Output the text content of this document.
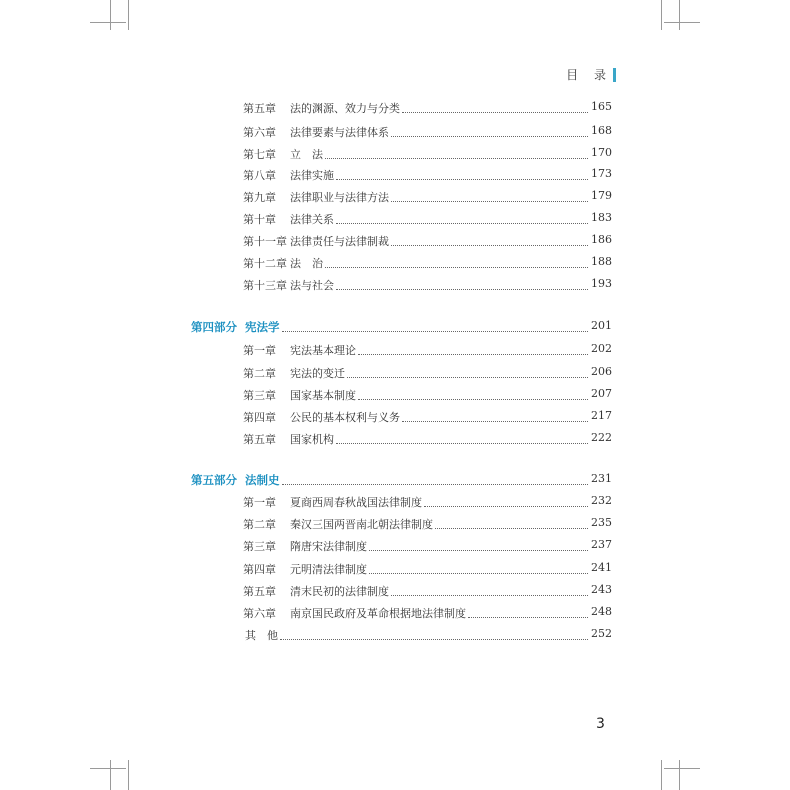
目 录
第五章 法的渊源、效力与分类	165
第六章 法律要素与法律体系	168
第七章 立　法	170
第八章 法律实施	173
第九章 法律职业与法律方法	179
第十章 法律关系	183
第十一章 法律责任与法律制裁	186
第十二章 法　治	188
第十三章 法与社会	193
第四部分 宪法学	201
第一章 宪法基本理论	202
第二章 宪法的变迁	206
第三章 国家基本制度	207
第四章 公民的基本权利与义务	217
第五章 国家机构	222
第五部分 法制史	231
第一章 夏商西周春秋战国法律制度	232
第二章 秦汉三国两晋南北朝法律制度	235
第三章 隋唐宋法律制度	237
第四章 元明清法律制度	241
第五章 清末民初的法律制度	243
第六章 南京国民政府及革命根据地法律制度	248
其　他	252
3
